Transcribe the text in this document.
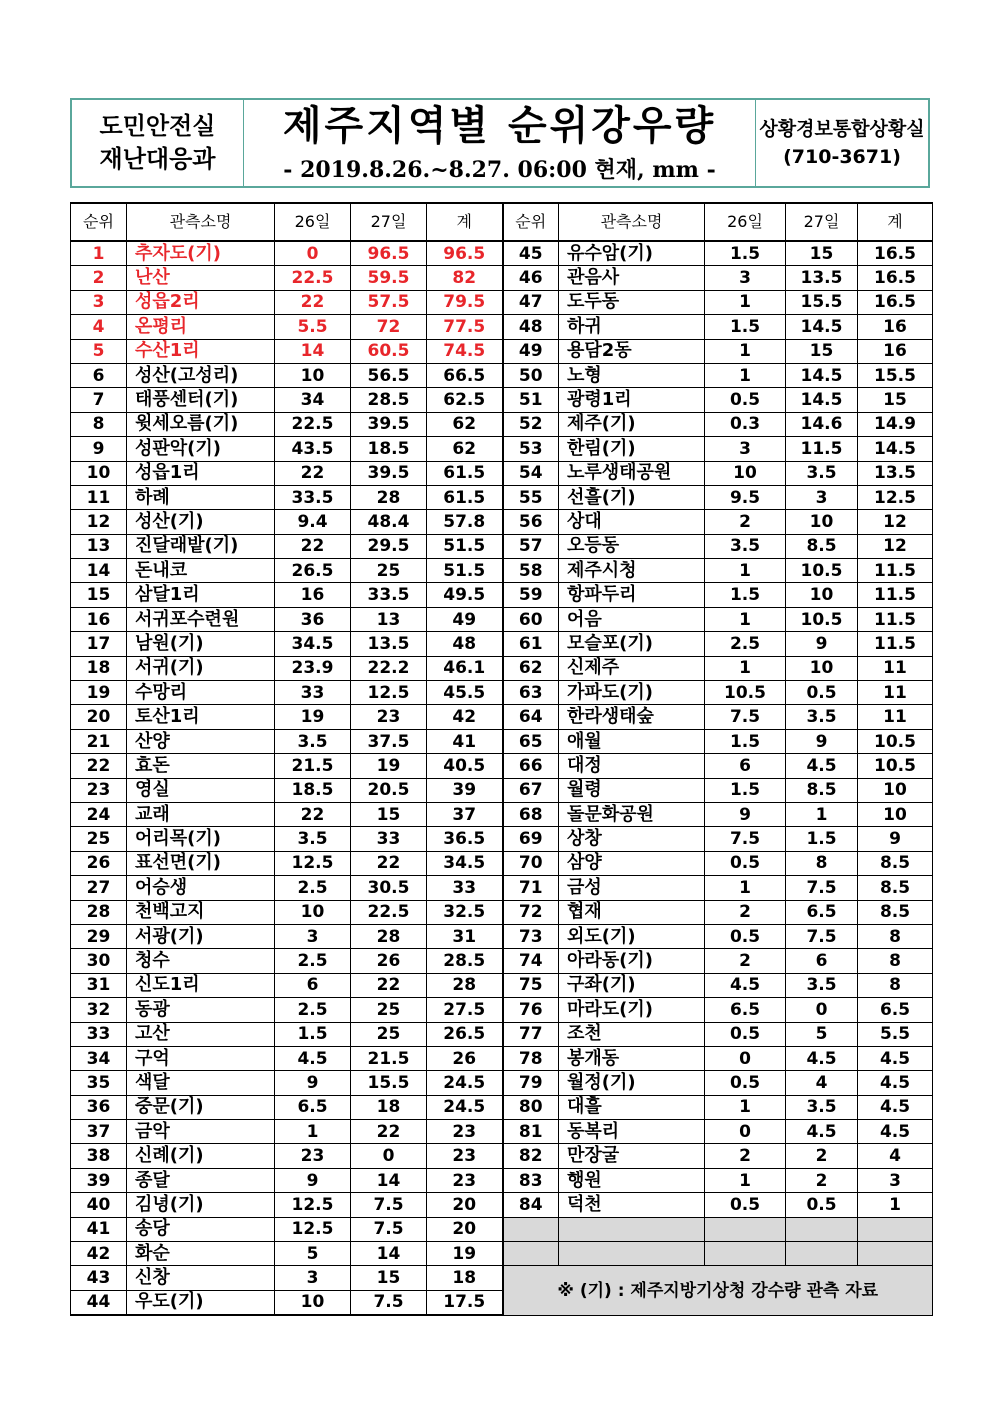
도민안전실
재난대응과
제주지역별 순위강우량
- 2019.8.26.~8.27. 06:00 현재, mm -
상황경보통합상황실
(710-3671)
순위	관측소명	26일	27일	계	순위	관측소명	26일	27일	계
1	추자도(기)	0	96.5	96.5	45	유수암(기)	1.5	15	16.5
2	난산	22.5	59.5	82	46	관음사	3	13.5	16.5
3	성읍2리	22	57.5	79.5	47	도두동	1	15.5	16.5
4	온평리	5.5	72	77.5	48	하귀	1.5	14.5	16
5	수산1리	14	60.5	74.5	49	용담2동	1	15	16
6	성산(고성리)	10	56.5	66.5	50	노형	1	14.5	15.5
7	태풍센터(기)	34	28.5	62.5	51	광령1리	0.5	14.5	15
8	윗세오름(기)	22.5	39.5	62	52	제주(기)	0.3	14.6	14.9
9	성판악(기)	43.5	18.5	62	53	한림(기)	3	11.5	14.5
10	성읍1리	22	39.5	61.5	54	노루생태공원	10	3.5	13.5
11	하례	33.5	28	61.5	55	선흘(기)	9.5	3	12.5
12	성산(기)	9.4	48.4	57.8	56	상대	2	10	12
13	진달래밭(기)	22	29.5	51.5	57	오등동	3.5	8.5	12
14	돈내코	26.5	25	51.5	58	제주시청	1	10.5	11.5
15	삼달1리	16	33.5	49.5	59	항파두리	1.5	10	11.5
16	서귀포수련원	36	13	49	60	어음	1	10.5	11.5
17	남원(기)	34.5	13.5	48	61	모슬포(기)	2.5	9	11.5
18	서귀(기)	23.9	22.2	46.1	62	신제주	1	10	11
19	수망리	33	12.5	45.5	63	가파도(기)	10.5	0.5	11
20	토산1리	19	23	42	64	한라생태숲	7.5	3.5	11
21	산양	3.5	37.5	41	65	애월	1.5	9	10.5
22	효돈	21.5	19	40.5	66	대정	6	4.5	10.5
23	영실	18.5	20.5	39	67	월령	1.5	8.5	10
24	교래	22	15	37	68	돌문화공원	9	1	10
25	어리목(기)	3.5	33	36.5	69	상창	7.5	1.5	9
26	표선면(기)	12.5	22	34.5	70	삼양	0.5	8	8.5
27	어승생	2.5	30.5	33	71	금성	1	7.5	8.5
28	천백고지	10	22.5	32.5	72	협재	2	6.5	8.5
29	서광(기)	3	28	31	73	외도(기)	0.5	7.5	8
30	청수	2.5	26	28.5	74	아라동(기)	2	6	8
31	신도1리	6	22	28	75	구좌(기)	4.5	3.5	8
32	동광	2.5	25	27.5	76	마라도(기)	6.5	0	6.5
33	고산	1.5	25	26.5	77	조천	0.5	5	5.5
34	구억	4.5	21.5	26	78	봉개동	0	4.5	4.5
35	색달	9	15.5	24.5	79	월정(기)	0.5	4	4.5
36	중문(기)	6.5	18	24.5	80	대흘	1	3.5	4.5
37	금악	1	22	23	81	동복리	0	4.5	4.5
38	신례(기)	23	0	23	82	만장굴	2	2	4
39	종달	9	14	23	83	행원	1	2	3
40	김녕(기)	12.5	7.5	20	84	덕천	0.5	0.5	1
41	송당	12.5	7.5	20					
42	화순	5	14	19					
43	신창	3	15	18	※ (기) : 제주지방기상청 강수량 관측 자료				
44	우도(기)	10	7.5	17.5					
